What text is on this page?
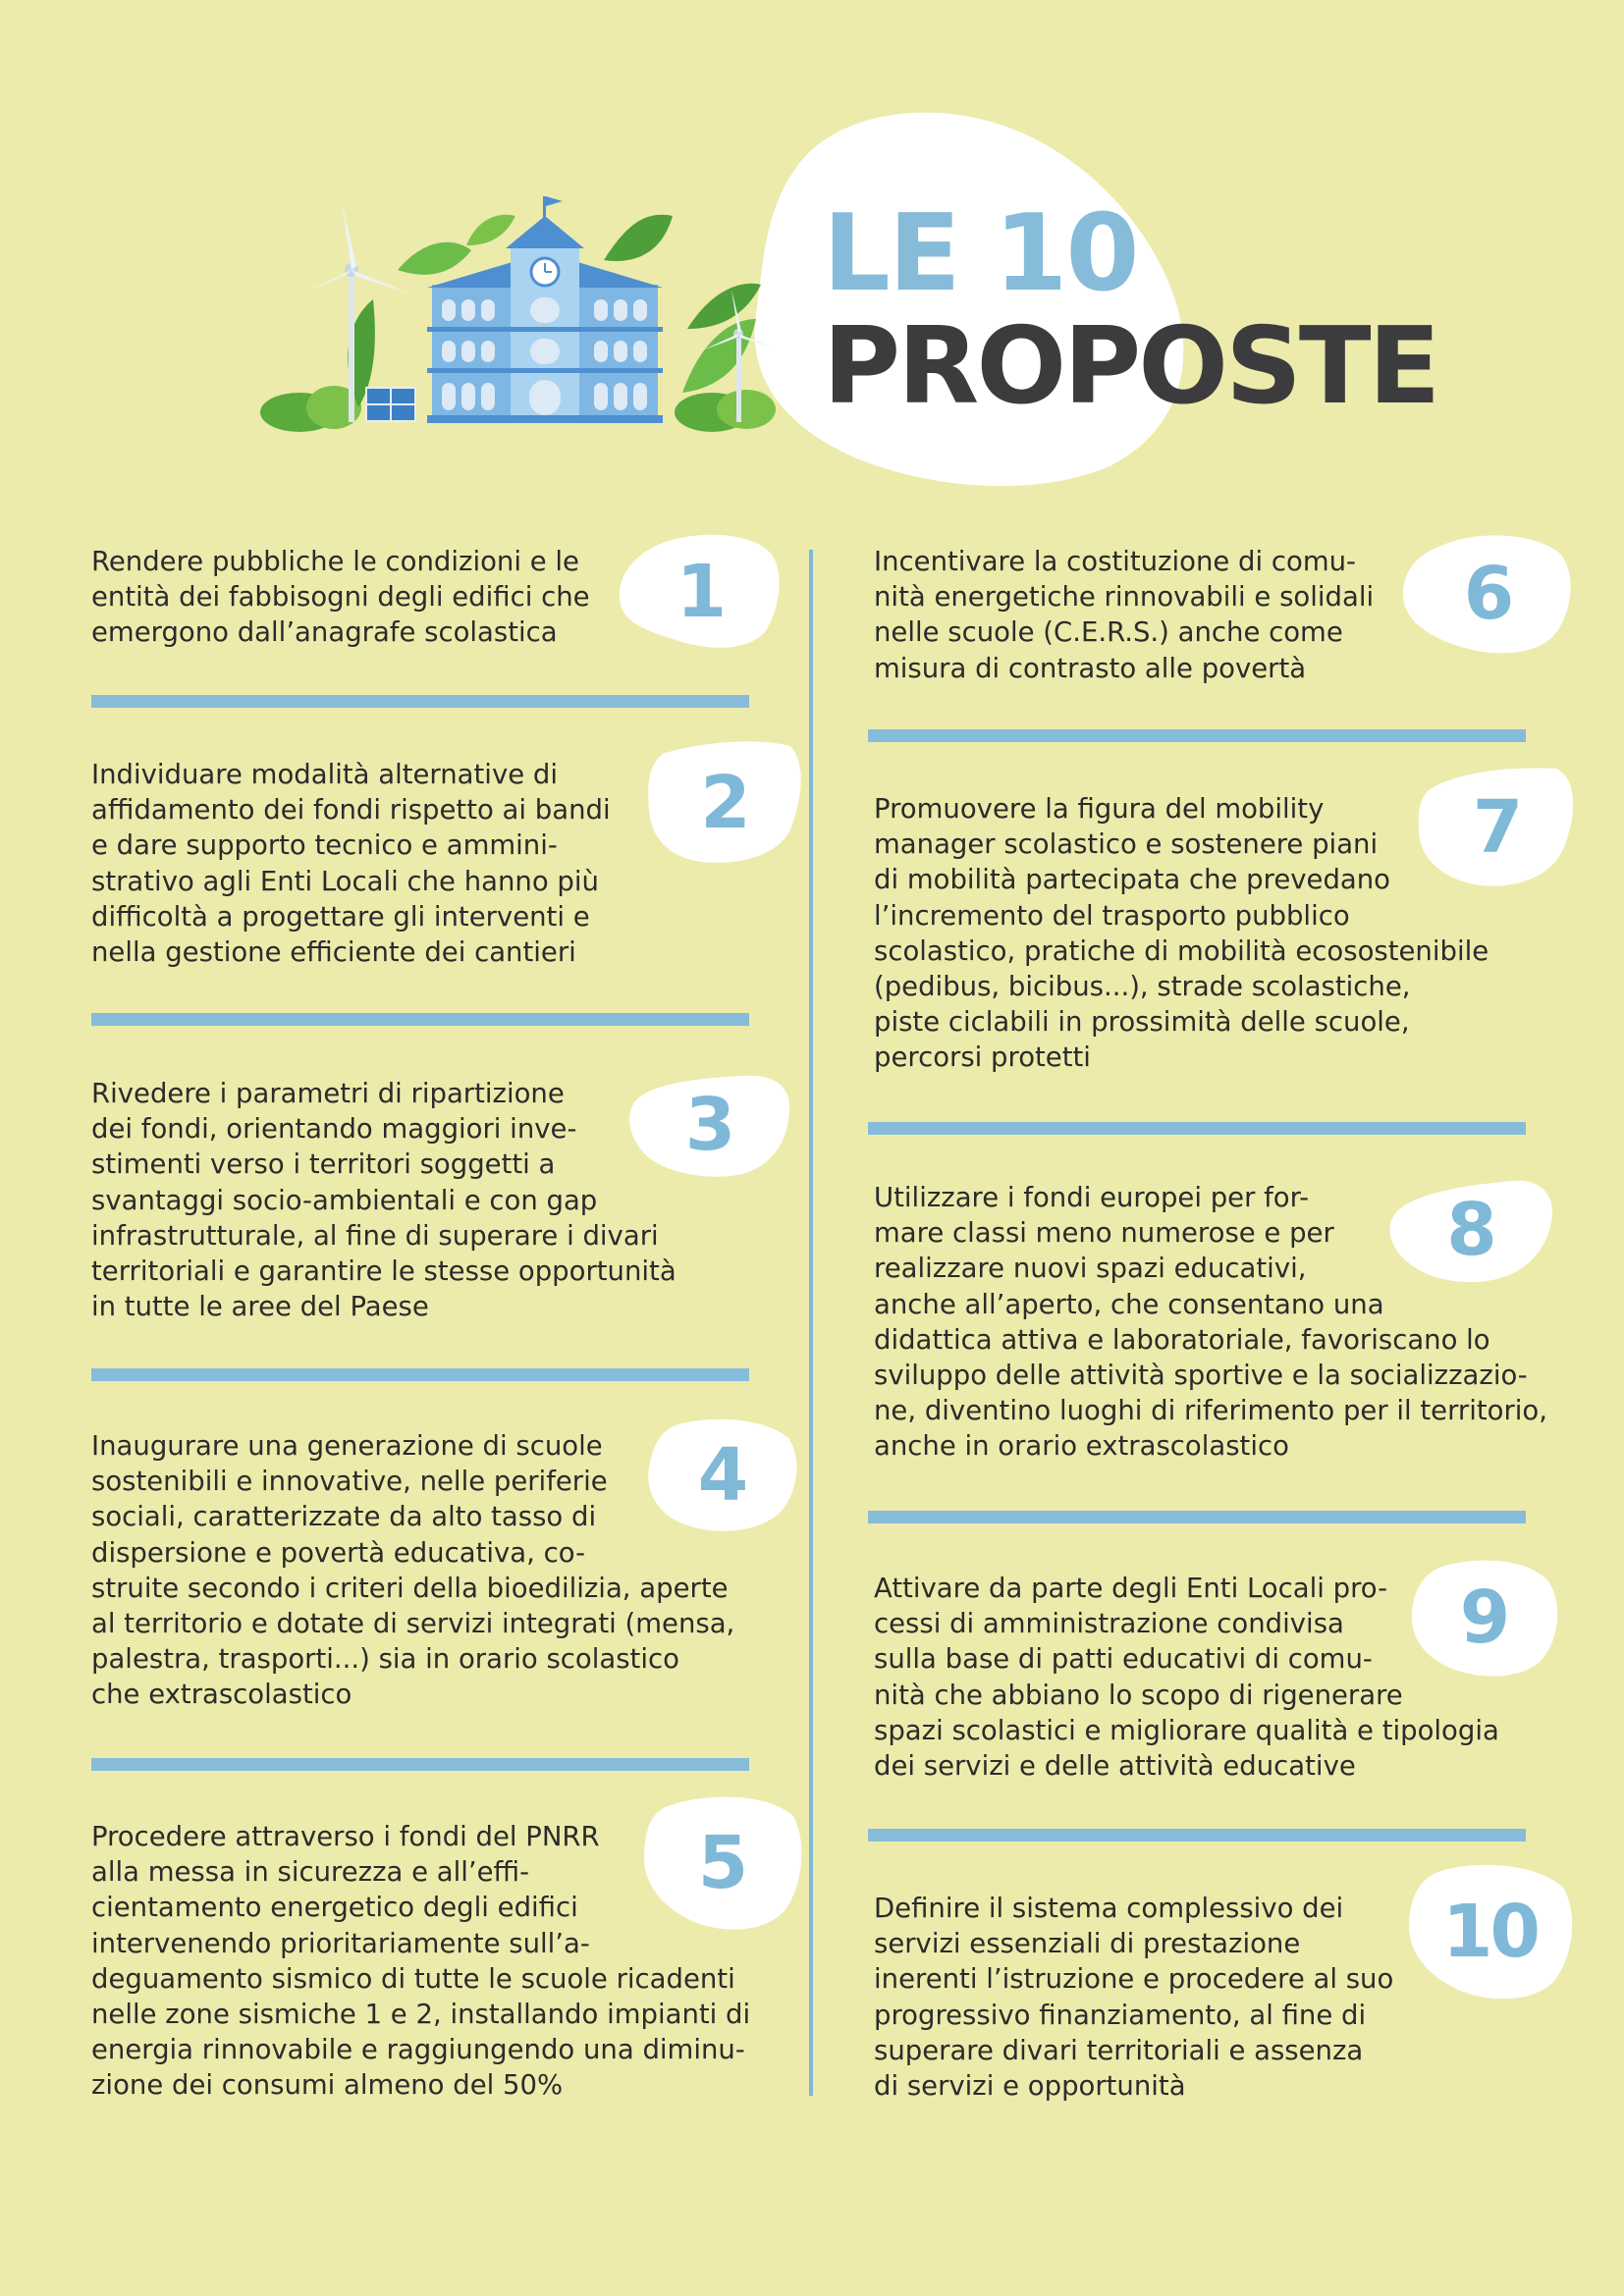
LE 10
PROPOSTE
Rendere pubbliche le condizioni e le
entità dei fabbisogni degli edifici che
emergono dall’anagrafe scolastica	1
Individuare modalità alternative di
affidamento dei fondi rispetto ai bandi
e dare supporto tecnico e ammini-
strativo agli Enti Locali che hanno più
difficoltà a progettare gli interventi e
nella gestione efficiente dei cantieri
2
Rivedere i parametri di ripartizione
dei fondi, orientando maggiori inve-
stimenti verso i territori soggetti a
svantaggi socio-ambientali e con gap
infrastrutturale, al fine di superare i divari
territoriali e garantire le stesse opportunità
in tutte le aree del Paese
3
Inaugurare una generazione di scuole
sostenibili e innovative, nelle periferie
sociali, caratterizzate da alto tasso di
dispersione e povertà educativa, co-
struite secondo i criteri della bioedilizia, aperte
al territorio e dotate di servizi integrati (mensa,
palestra, trasporti...) sia in orario scolastico
che extrascolastico
4
Procedere attraverso i fondi del PNRR
alla messa in sicurezza e all’effi-
cientamento energetico degli edifici
intervenendo prioritariamente sull’a-
deguamento sismico di tutte le scuole ricadenti
nelle zone sismiche 1 e 2, installando impianti di
energia rinnovabile e raggiungendo una diminu-
zione dei consumi almeno del 50%
5
Incentivare la costituzione di comu-
nità energetiche rinnovabili e solidali
nelle scuole (C.E.R.S.) anche come
misura di contrasto alle povertà
6
Promuovere la figura del mobility
manager scolastico e sostenere piani
di mobilità partecipata che prevedano
l’incremento del trasporto pubblico
scolastico, pratiche di mobilità ecosostenibile
(pedibus, bicibus...), strade scolastiche,
piste ciclabili in prossimità delle scuole,
percorsi protetti
7
Utilizzare i fondi europei per for-
mare classi meno numerose e per
realizzare nuovi spazi educativi,
anche all’aperto, che consentano una
didattica attiva e laboratoriale, favoriscano lo
sviluppo delle attività sportive e la socializzazio-
ne, diventino luoghi di riferimento per il territorio,
anche in orario extrascolastico
8
Attivare da parte degli Enti Locali pro-
cessi di amministrazione condivisa
sulla base di patti educativi di comu-
nità che abbiano lo scopo di rigenerare
spazi scolastici e migliorare qualità e tipologia
dei servizi e delle attività educative
9
Definire il sistema complessivo dei
servizi essenziali di prestazione
inerenti l’istruzione e procedere al suo
progressivo finanziamento, al fine di
superare divari territoriali e assenza
di servizi e opportunità
10
